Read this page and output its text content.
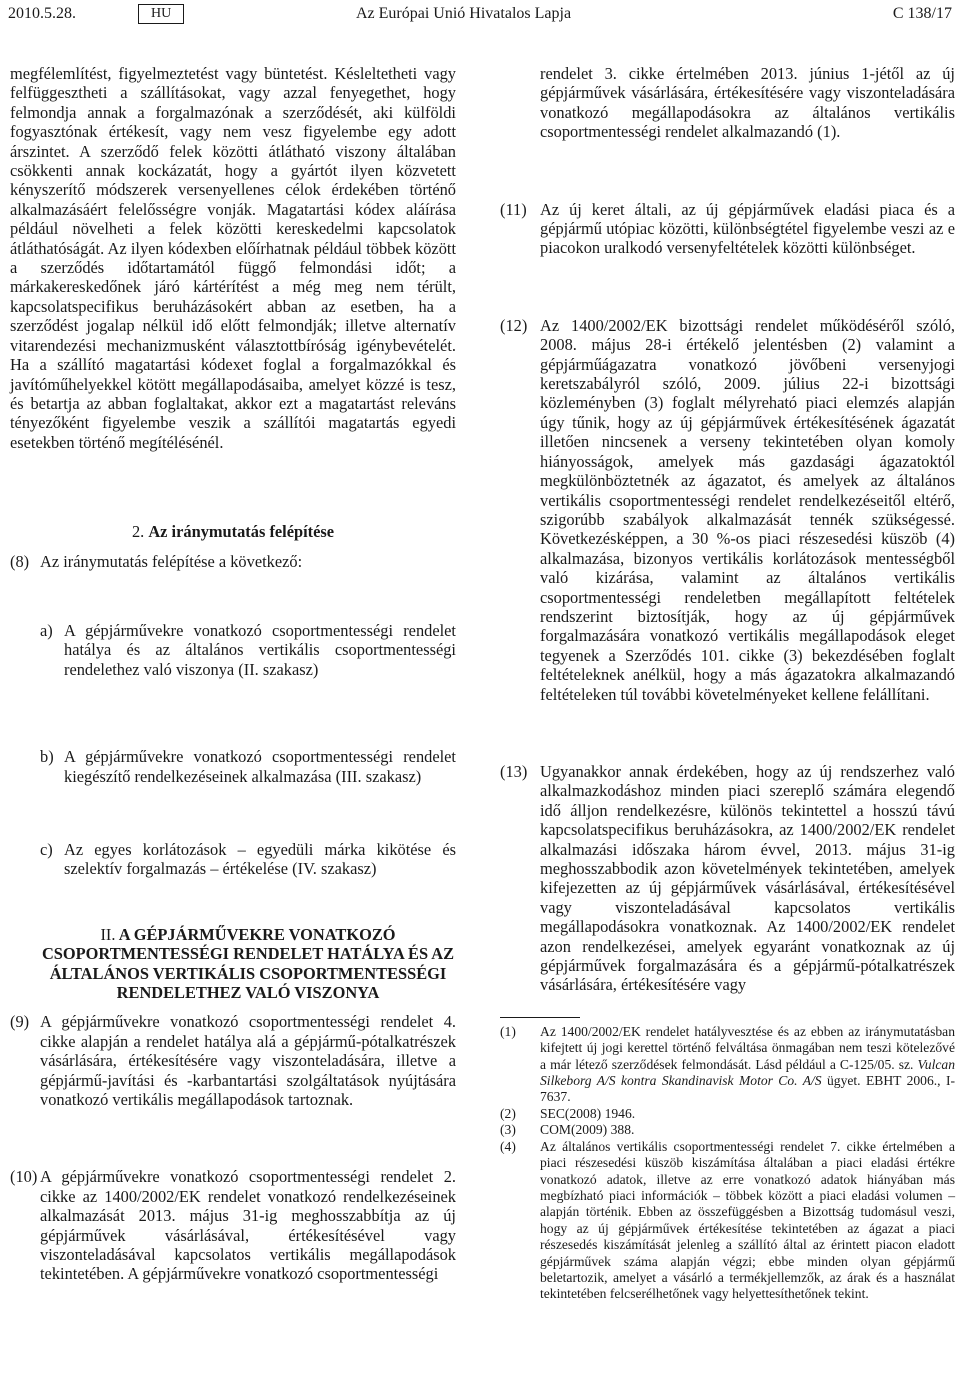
2010.5.28.	HU	Az Európai Unió Hivatalos Lapja	C 138/17

megfélemlítést, figyelmeztetést vagy büntetést. Késleltetheti vagy felfüggesztheti a szállításokat, vagy azzal fenyegethet, hogy felmondja annak a forgalmazónak a szerződését, aki külföldi fogyasztónak értékesít, vagy nem vesz figyelembe egy adott árszintet. A szerződő felek közötti átlátható viszony általában csökkenti annak kockázatát, hogy a gyártót ilyen közvetett kényszerítő módszerek versenyellenes célok érdekében történő alkalmazásáért felelősségre vonják. Magatartási kódex aláírása például növelheti a felek közötti kereskedelmi kapcsolatok átláthatóságát. Az ilyen kódexben előírhatnak például többek között a szerződés időtartamától függő felmondási időt; a márkakereskedőnek járó kártérítést a még meg nem térült, kapcsolatspecifikus beruházásokért abban az esetben, ha a szerződést jogalap nélkül idő előtt felmondják; illetve alternatív vitarendezési mechanizmusként választottbíróság igénybevételét. Ha a szállító magatartási kódexet foglal a forgalmazókkal és javítóműhelyekkel kötött megállapodásaiba, amelyet közzé is tesz, és betartja az abban foglaltakat, akkor ezt a magatartást releváns tényezőként figyelembe veszik a szállítói magatartás egyedi esetekben történő megítélésénél.

2. Az iránymutatás felépítése
(8) Az iránymutatás felépítése a következő:
a) A gépjárművekre vonatkozó csoportmentességi rendelet hatálya és az általános vertikális csoportmentességi rendelethez való viszonya (II. szakasz)
b) A gépjárművekre vonatkozó csoportmentességi rendelet kiegészítő rendelkezéseinek alkalmazása (III. szakasz)
c) Az egyes korlátozások – egyedüli márka kikötése és szelektív forgalmazás – értékelése (IV. szakasz)
II. A GÉPJÁRMŰVEKRE VONATKOZÓ CSOPORTMENTESSÉGI RENDELET HATÁLYA ÉS AZ ÁLTALÁNOS VERTIKÁLIS CSOPORTMENTESSÉGI RENDELETHEZ VALÓ VISZONYA
(9) A gépjárművekre vonatkozó csoportmentességi rendelet 4. cikke alapján a rendelet hatálya alá a gépjármű-pótalkatrészek vásárlására, értékesítésére vagy viszonteladására, illetve a gépjármű-javítási és -karbantartási szolgáltatások nyújtására vonatkozó vertikális megállapodások tartoznak.
(10) A gépjárművekre vonatkozó csoportmentességi rendelet 2. cikke az 1400/2002/EK rendelet vonatkozó rendelkezéseinek alkalmazását 2013. május 31-ig meghosszabbítja az új gépjárművek vásárlásával, értékesítésével vagy viszonteladásával kapcsolatos vertikális megállapodások tekintetében. A gépjárművekre vonatkozó csoportmentességi
rendelet 3. cikke értelmében 2013. június 1-jétől az új gépjárművek vásárlására, értékesítésére vagy viszonteladására vonatkozó megállapodásokra az általános vertikális csoportmentességi rendelet alkalmazandó (1).
(11) Az új keret általi, az új gépjárművek eladási piaca és a gépjármű utópiac közötti, különbségtétel figyelembe veszi az e piacokon uralkodó versenyfeltételek közötti különbséget.
(12) Az 1400/2002/EK bizottsági rendelet működéséről szóló, 2008. május 28-i értékelő jelentésben (2) valamint a gépjárműágazatra vonatkozó jövőbeni versenyjogi keretszabályról szóló, 2009. július 22-i bizottsági közleményben (3) foglalt mélyreható piaci elemzés alapján úgy tűnik, hogy az új gépjárművek értékesítésének ágazatát illetően nincsenek a verseny tekintetében olyan komoly hiányosságok, amelyek más gazdasági ágazatoktól megkülönböztetnék az ágazatot, és amelyek az általános vertikális csoportmentességi rendelet rendelkezéseitől eltérő, szigorúbb szabályok alkalmazását tennék szükségessé. Következésképpen, a 30 %-os piaci részesedési küszöb (4) alkalmazása, bizonyos vertikális korlátozások mentességből való kizárása, valamint az általános vertikális csoportmentességi rendeletben megállapított feltételek rendszerint biztosítják, hogy az új gépjárművek forgalmazására vonatkozó vertikális megállapodások eleget tegyenek a Szerződés 101. cikke (3) bekezdésében foglalt feltételeknek anélkül, hogy a más ágazatokra alkalmazandó feltételeken túl további követelményeket kellene felállítani.
(13) Ugyanakkor annak érdekében, hogy az új rendszerhez való alkalmazkodáshoz minden piaci szereplő számára elegendő idő álljon rendelkezésre, különös tekintettel a hosszú távú kapcsolatspecifikus beruházásokra, az 1400/2002/EK rendelet alkalmazási időszaka három évvel, 2013. május 31-ig meghosszabbodik azon követelmények tekintetében, amelyek kifejezetten az új gépjárművek vásárlásával, értékesítésével vagy viszonteladásával kapcsolatos vertikális megállapodásokra vonatkoznak. Az 1400/2002/EK rendelet azon rendelkezései, amelyek egyaránt vonatkoznak az új gépjárművek forgalmazására és a gépjármű-pótalkatrészek vásárlására, értékesítésére vagy
(1)	Az 1400/2002/EK rendelet hatályvesztése és az ebben az iránymutatásban kifejtett új jogi kerettel történő felváltása önmagában nem teszi kötelezővé a már létező szerződések felmondását. Lásd például a C-125/05. sz. Vulcan Silkeborg A/S kontra Skandinavisk Motor Co. A/S ügyet. EBHT 2006., I-7637.
(2)	SEC(2008) 1946.
(3)	COM(2009) 388.
(4)	Az általános vertikális csoportmentességi rendelet 7. cikke értelmében a piaci részesedési küszöb kiszámítása általában a piaci eladási értékre vonatkozó adatok, illetve az erre vonatkozó adatok hiányában más megbízható piaci információk – többek között a piaci eladási volumen – alapján történik. Ebben az összefüggésben a Bizottság tudomásul veszi, hogy az új gépjárművek értékesítése tekintetében az ágazat a piaci részesedés kiszámítását jelenleg a szállító által az érintett piacon eladott gépjárművek száma alapján végzi; ebbe minden olyan gépjármű beletartozik, amelyet a vásárló a termékjellemzők, az árak és a használat tekintetében felcserélhetőnek vagy helyettesíthetőnek tekint.
